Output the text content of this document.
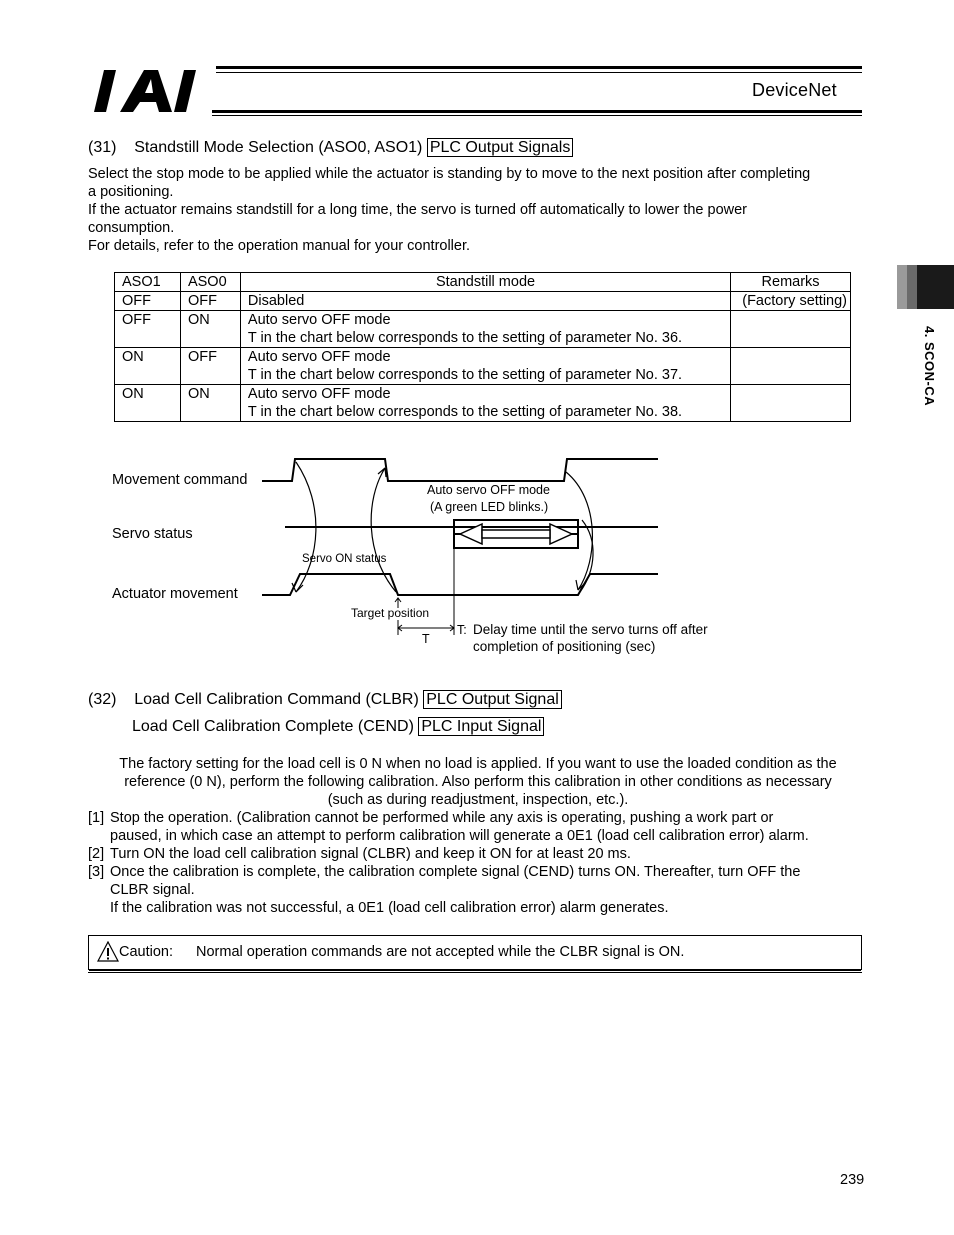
IAI
DeviceNet
4. SCON-CA
(31) Standstill Mode Selection (ASO0, ASO1) PLC Output Signals
Select the stop mode to be applied while the actuator is standing by to move to the next position after completing
a positioning.
If the actuator remains standstill for a long time, the servo is turned off automatically to lower the power
consumption.
For details, refer to the operation manual for your controller.
ASO1	ASO0	Standstill mode	Remarks
OFF	OFF	Disabled	(Factory setting)
OFF	ON	Auto servo OFF mode
T in the chart below corresponds to the setting of parameter No. 36.	

ON	OFF	Auto servo OFF mode
T in the chart below corresponds to the setting of parameter No. 37.	

ON	ON	Auto servo OFF mode
T in the chart below corresponds to the setting of parameter No. 38.	

Movement command
Servo status
Actuator movement
Auto servo OFF mode
(A green LED blinks.)
Servo ON status
Target position
T
T: Delay time until the servo turns off after
completion of positioning (sec)
(32) Load Cell Calibration Command (CLBR) PLC Output Signal
Load Cell Calibration Complete (CEND) PLC Input Signal
The factory setting for the load cell is 0 N when no load is applied. If you want to use the loaded condition as the
reference (0 N), perform the following calibration. Also perform this calibration in other conditions as necessary
(such as during readjustment, inspection, etc.).
[1] Stop the operation. (Calibration cannot be performed while any axis is operating, pushing a work part or
paused, in which case an attempt to perform calibration will generate a 0E1 (load cell calibration error) alarm.
[2] Turn ON the load cell calibration signal (CLBR) and keep it ON for at least 20 ms.
[3] Once the calibration is complete, the calibration complete signal (CEND) turns ON. Thereafter, turn OFF the
CLBR signal.
If the calibration was not successful, a 0E1 (load cell calibration error) alarm generates.
Caution: Normal operation commands are not accepted while the CLBR signal is ON.
239
